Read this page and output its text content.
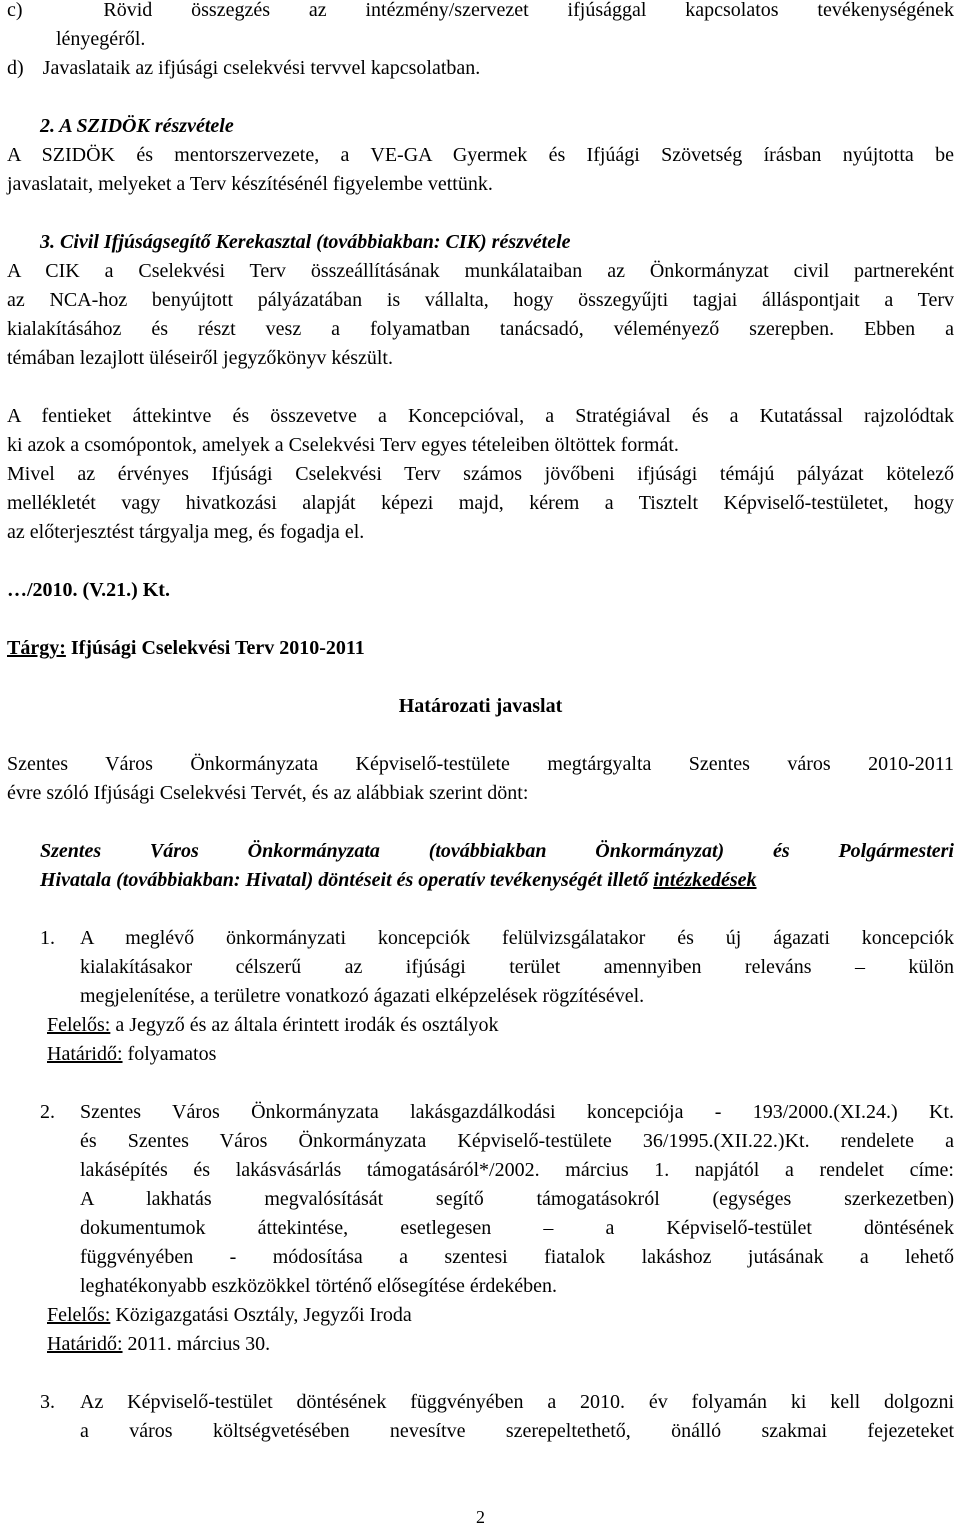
c)	Rövid összegzés az intézmény/szervezet ifjúsággal kapcsolatos tevékenységének
lényegéről.
d) Javaslataik az ifjúsági cselekvési tervvel kapcsolatban.
2. A SZIDÖK részvétele
A SZIDÖK és mentorszervezete, a VE-GA Gyermek és Ifjúági Szövetség írásban nyújtotta be
javaslatait, melyeket a Terv készítésénél figyelembe vettünk.
3. Civil Ifjúságsegítő Kerekasztal (továbbiakban: CIK) részvétele
A CIK a Cselekvési Terv összeállításának munkálataiban az Önkormányzat civil partnereként
az NCA-hoz benyújtott pályázatában is vállalta, hogy összegyűjti tagjai álláspontjait a Terv
kialakításához és részt vesz a folyamatban tanácsadó, véleményező szerepben. Ebben a
témában lezajlott üléseiről jegyzőkönyv készült.
A fentieket áttekintve és összevetve a Koncepcióval, a Stratégiával és a Kutatással rajzolódtak
ki azok a csomópontok, amelyek a Cselekvési Terv egyes tételeiben öltöttek formát.
Mivel az érvényes Ifjúsági Cselekvési Terv számos jövőbeni ifjúsági témájú pályázat kötelező
mellékletét vagy hivatkozási alapját képezi majd, kérem a Tisztelt Képviselő-testületet, hogy
az előterjesztést tárgyalja meg, és fogadja el.
…/2010. (V.21.) Kt.
Tárgy: Ifjúsági Cselekvési Terv 2010-2011
Határozati javaslat
Szentes Város Önkormányzata Képviselő-testülete megtárgyalta Szentes város 2010-2011
évre szóló Ifjúsági Cselekvési Tervét, és az alábbiak szerint dönt:
Szentes Város Önkormányzata (továbbiakban Önkormányzat) és Polgármesteri
Hivatala (továbbiakban: Hivatal) döntéseit és operatív tevékenységét illető intézkedések
1.	A meglévő önkormányzati koncepciók felülvizsgálatakor és új ágazati koncepciók
kialakításakor célszerű az ifjúsági terület amennyiben releváns – külön
megjelenítése, a területre vonatkozó ágazati elképzelések rögzítésével.
Felelős: a Jegyző és az általa érintett irodák és osztályok
Határidő: folyamatos
2.	Szentes Város Önkormányzata lakásgazdálkodási koncepciója - 193/2000.(XI.24.) Kt.
és Szentes Város Önkormányzata Képviselő-testülete 36/1995.(XII.22.)Kt. rendelete a
lakásépítés és lakásvásárlás támogatásáról*/2002. március 1. napjától a rendelet címe:
A lakhatás megvalósítását segítő támogatásokról (egységes szerkezetben)
dokumentumok áttekintése, esetlegesen – a Képviselő-testület döntésének
függvényében - módosítása a szentesi fiatalok lakáshoz jutásának a lehető
leghatékonyabb eszközökkel történő elősegítése érdekében.
Felelős: Közigazgatási Osztály, Jegyzői Iroda
Határidő: 2011. március 30.
3.	Az Képviselő-testület döntésének függvényében a 2010. év folyamán ki kell dolgozni
a város költségvetésében nevesítve szerepeltethető, önálló szakmai fejezeteket
2
